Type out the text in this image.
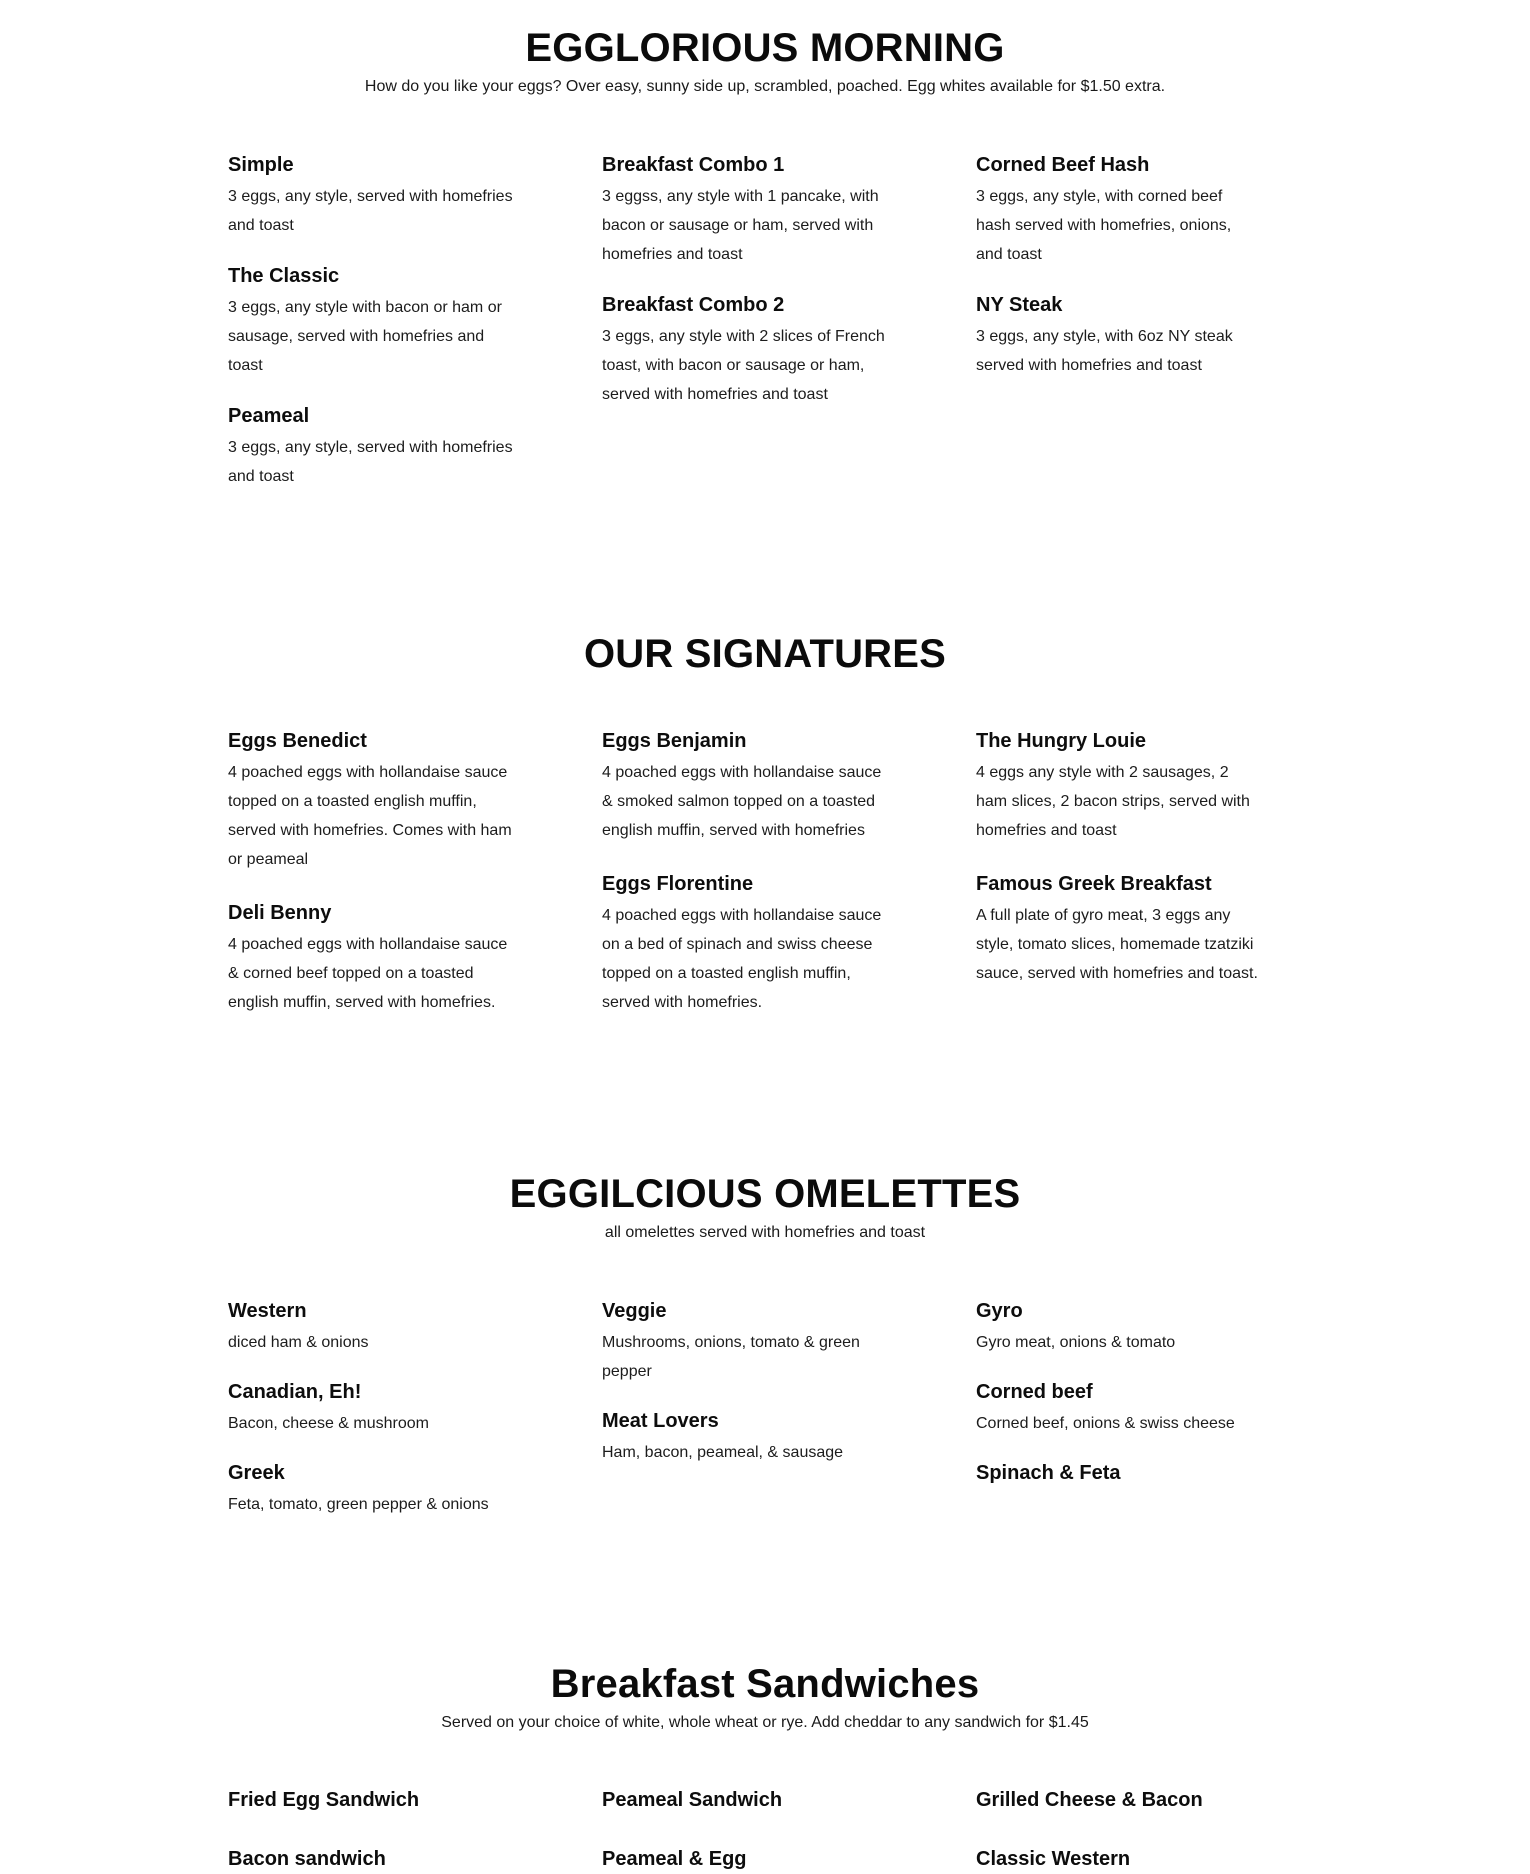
EGGLORIOUS MORNING

How do you like your eggs? Over easy, sunny side up, scrambled, poached. Egg whites available for $1.50 extra.

Simple

3 eggs, any style, served with homefries and toast

The Classic

3 eggs, any style with bacon or ham or sausage, served with homefries and toast

Peameal

3 eggs, any style, served with homefries and toast

Breakfast Combo 1

3 eggss, any style with 1 pancake, with bacon or sausage or ham, served with homefries and toast

Breakfast Combo 2

3 eggs, any style with 2 slices of French toast, with bacon or sausage or ham, served with homefries and toast

Corned Beef Hash

3 eggs, any style, with corned beef hash served with homefries, onions, and toast

NY Steak

3 eggs, any style, with 6oz NY steak served with homefries and toast

OUR SIGNATURES
Eggs Benedict

4 poached eggs with hollandaise sauce topped on a toasted english muffin, served with homefries. Comes with ham or peameal

Deli Benny

4 poached eggs with hollandaise sauce & corned beef topped on a toasted english muffin, served with homefries.

Eggs Benjamin

4 poached eggs with hollandaise sauce & smoked salmon topped on a toasted english muffin, served with homefries

Eggs Florentine

4 poached eggs with hollandaise sauce on a bed of spinach and swiss cheese topped on a toasted english muffin, served with homefries.

The Hungry Louie

4 eggs any style with 2 sausages, 2 ham slices, 2 bacon strips, served with homefries and toast

Famous Greek Breakfast

A full plate of gyro meat, 3 eggs any style, tomato slices, homemade tzatziki sauce, served with homefries and toast.

EGGILCIOUS OMELETTES

all omelettes served with homefries and toast

Western

diced ham & onions

Canadian, Eh!

Bacon, cheese & mushroom

Greek

Feta, tomato, green pepper & onions

Veggie

Mushrooms, onions, tomato & green pepper

Meat Lovers

Ham, bacon, peameal, & sausage

Gyro

Gyro meat, onions & tomato

Corned beef

Corned beef, onions & swiss cheese

Spinach & Feta
Breakfast Sandwiches

Served on your choice of white, whole wheat or rye. Add cheddar to any sandwich for $1.45

Fried Egg Sandwich	Peameal Sandwich	Grilled Cheese & Bacon
Bacon sandwich	Peameal & Egg	Classic Western
